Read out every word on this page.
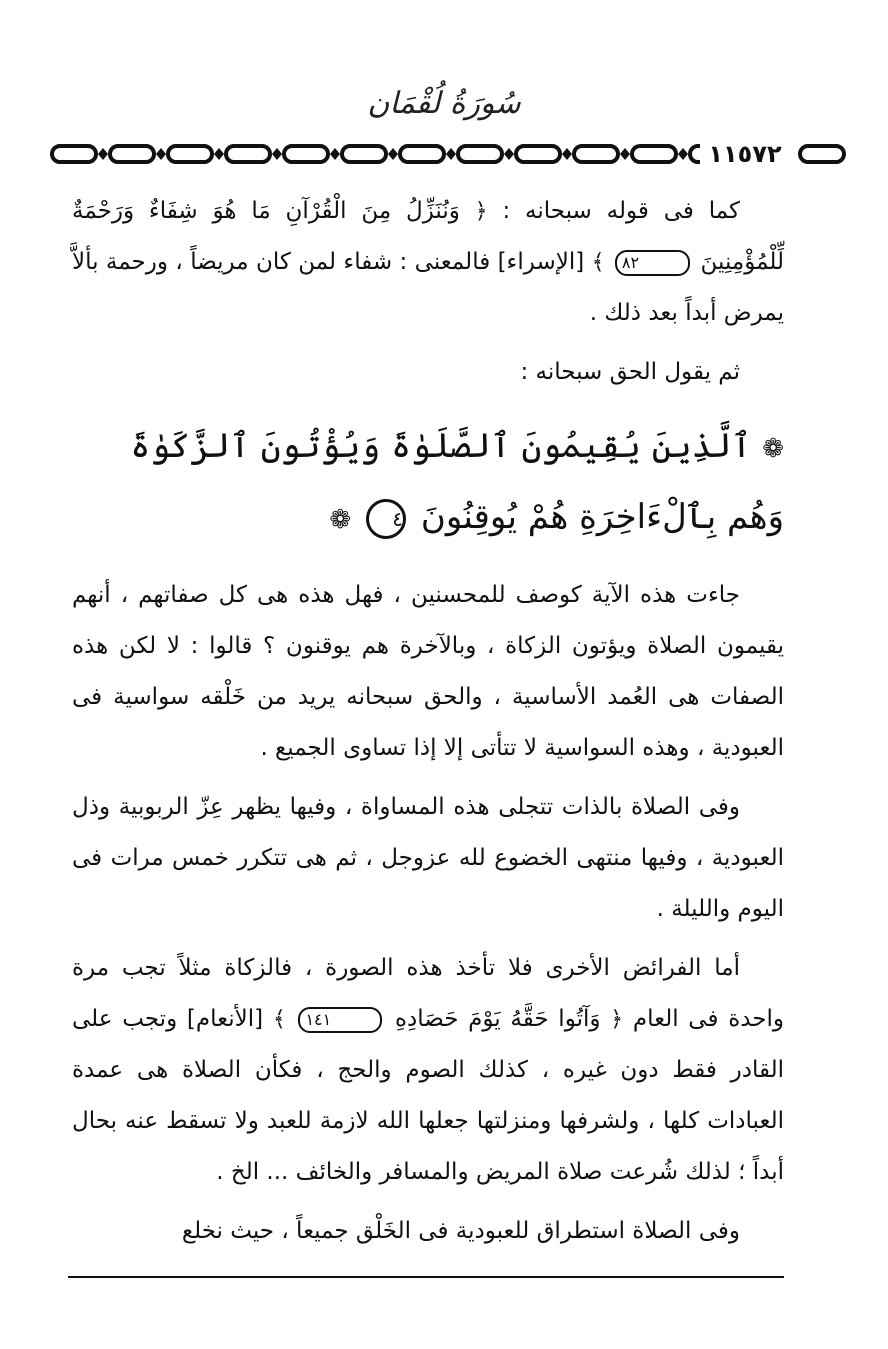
سُورَةُ لُقْمَان
١١٥٧٢

كما فى قوله سبحانه : ﴿ وَنُنَزِّلُ مِنَ الْقُرْآنِ مَا هُوَ شِفَاءٌ وَرَحْمَةٌ لِّلْمُؤْمِنِينَ ٨٢ ﴾ [الإسراء] فالمعنى : شفاء لمن كان مريضاً ، ورحمة بألاَّ يمرض أبداً بعد ذلك .

ثم يقول الحق سبحانه :

❁ ٱلَّذِينَ يُقِيمُونَ ٱلصَّلَوٰةَ وَيُؤْتُونَ ٱلزَّكَوٰةَ
وَهُم بِٱلْءَاخِرَةِ هُمْ يُوقِنُونَ ٤ ❁

جاءت هذه الآية كوصف للمحسنين ، فهل هذه هى كل صفاتهم ، أنهم يقيمون الصلاة ويؤتون الزكاة ، وبالآخرة هم يوقنون ؟ قالوا : لا لكن هذه الصفات هى العُمد الأساسية ، والحق سبحانه يريد من خَلْقه سواسية فى العبودية ، وهذه السواسية لا تتأتى إلا إذا تساوى الجميع .

وفى الصلاة بالذات تتجلى هذه المساواة ، وفيها يظهر عِزّ الربوبية وذل العبودية ، وفيها منتهى الخضوع لله عزوجل ، ثم هى تتكرر خمس مرات فى اليوم والليلة .

أما الفرائض الأخرى فلا تأخذ هذه الصورة ، فالزكاة مثلاً تجب مرة واحدة فى العام ﴿ وَآتُوا حَقَّهُ يَوْمَ حَصَادِهِ ١٤١ ﴾ [الأنعام] وتجب على القادر فقط دون غيره ، كذلك الصوم والحج ، فكأن الصلاة هى عمدة العبادات كلها ، ولشرفها ومنزلتها جعلها الله لازمة للعبد ولا تسقط عنه بحال أبداً ؛ لذلك شُرعت صلاة المريض والمسافر والخائف ... الخ .

وفى الصلاة استطراق للعبودية فى الخَلْق جميعاً ، حيث نخلع
